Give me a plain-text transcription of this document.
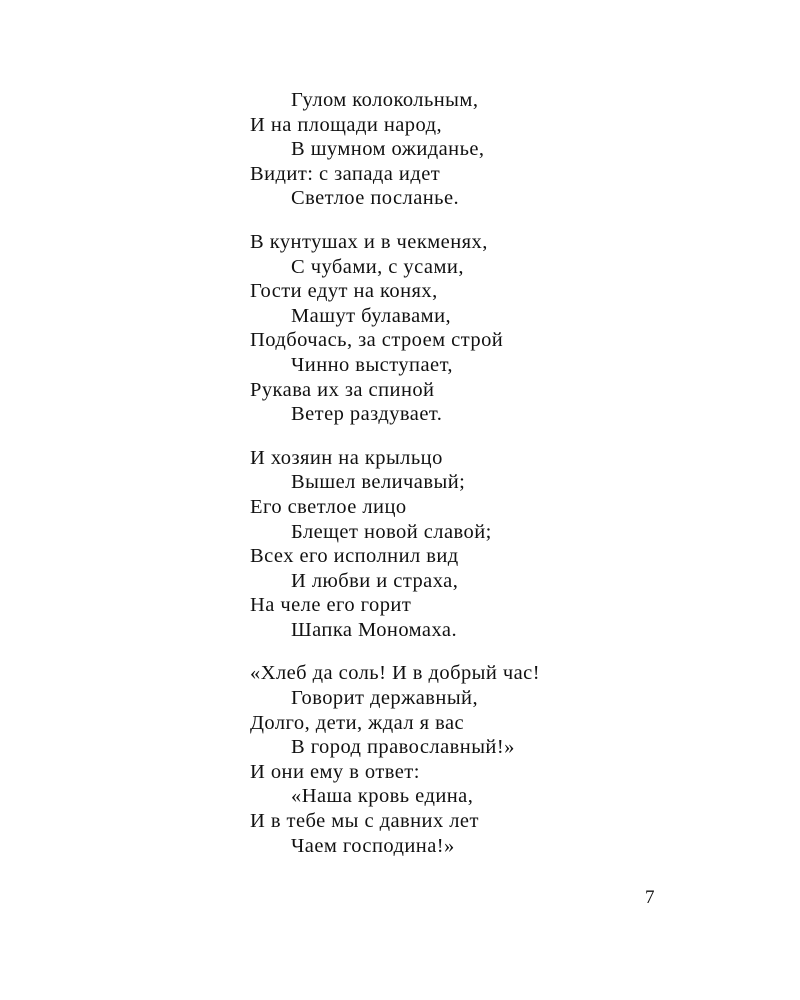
Гулом колокольным,
И на площади народ,
В шумном ожиданье,
Видит: с запада идет
Светлое посланье.
В кунтушах и в чекменях,
С чубами, с усами,
Гости едут на конях,
Машут булавами,
Подбочась, за строем строй
Чинно выступает,
Рукава их за спиной
Ветер раздувает.
И хозяин на крыльцо
Вышел величавый;
Его светлое лицо
Блещет новой славой;
Всех его исполнил вид
И любви и страха,
На челе его горит
Шапка Мономаха.
«Хлеб да соль! И в добрый час!
Говорит державный,
Долго, дети, ждал я вас
В город православный!»
И они ему в ответ:
«Наша кровь едина,
И в тебе мы с давних лет
Чаем господина!»
7
